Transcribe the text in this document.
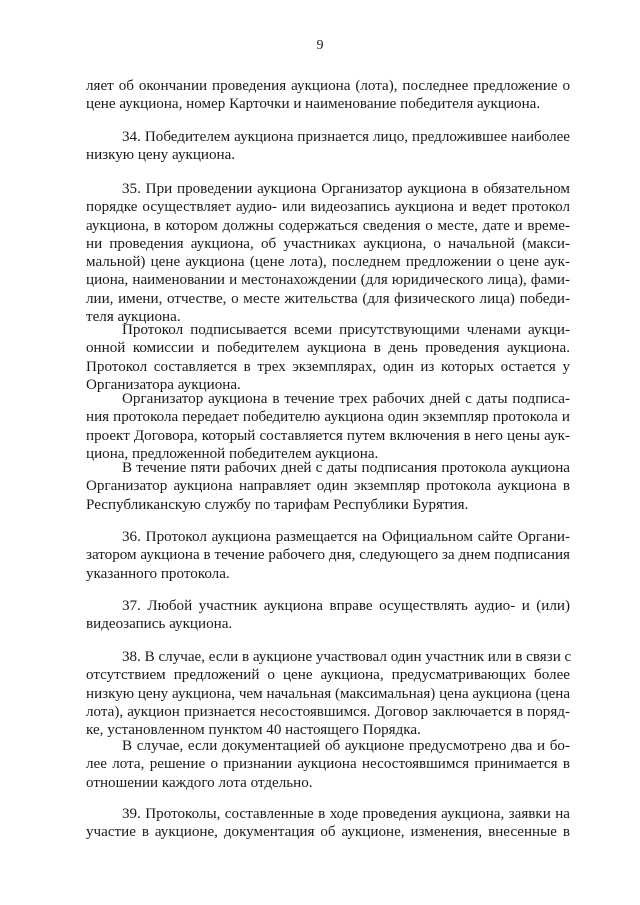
9
ляет об окончании проведения аукциона (лота), последнее предложение о
цене аукциона, номер Карточки и наименование победителя аукциона.
34. Победителем аукциона признается лицо, предложившее наиболее
низкую цену аукциона.
35. При проведении аукциона Организатор аукциона в обязательном
порядке осуществляет аудио- или видеозапись аукциона и ведет протокол
аукциона, в котором должны содержаться сведения о месте, дате и време-
ни проведения аукциона, об участниках аукциона, о начальной (макси-
мальной) цене аукциона (цене лота), последнем предложении о цене аук-
циона, наименовании и местонахождении (для юридического лица), фами-
лии, имени, отчестве, о месте жительства (для физического лица) победи-
теля аукциона.
Протокол подписывается всеми присутствующими членами аукци-
онной комиссии и победителем аукциона в день проведения аукциона.
Протокол составляется в трех экземплярах, один из которых остается у
Организатора аукциона.
Организатор аукциона в течение трех рабочих дней с даты подписа-
ния протокола передает победителю аукциона один экземпляр протокола и
проект Договора, который составляется путем включения в него цены аук-
циона, предложенной победителем аукциона.
В течение пяти рабочих дней с даты подписания протокола аукциона
Организатор аукциона направляет один экземпляр протокола аукциона в
Республиканскую службу по тарифам Республики Бурятия.
36. Протокол аукциона размещается на Официальном сайте Органи-
затором аукциона в течение рабочего дня, следующего за днем подписания
указанного протокола.
37. Любой участник аукциона вправе осуществлять аудио- и (или)
видеозапись аукциона.
38. В случае, если в аукционе участвовал один участник или в связи с
отсутствием предложений о цене аукциона, предусматривающих более
низкую цену аукциона, чем начальная (максимальная) цена аукциона (цена
лота), аукцион признается несостоявшимся. Договор заключается в поряд-
ке, установленном пунктом 40 настоящего Порядка.
В случае, если документацией об аукционе предусмотрено два и бо-
лее лота, решение о признании аукциона несостоявшимся принимается в
отношении каждого лота отдельно.
39. Протоколы, составленные в ходе проведения аукциона, заявки на
участие в аукционе, документация об аукционе, изменения, внесенные в
